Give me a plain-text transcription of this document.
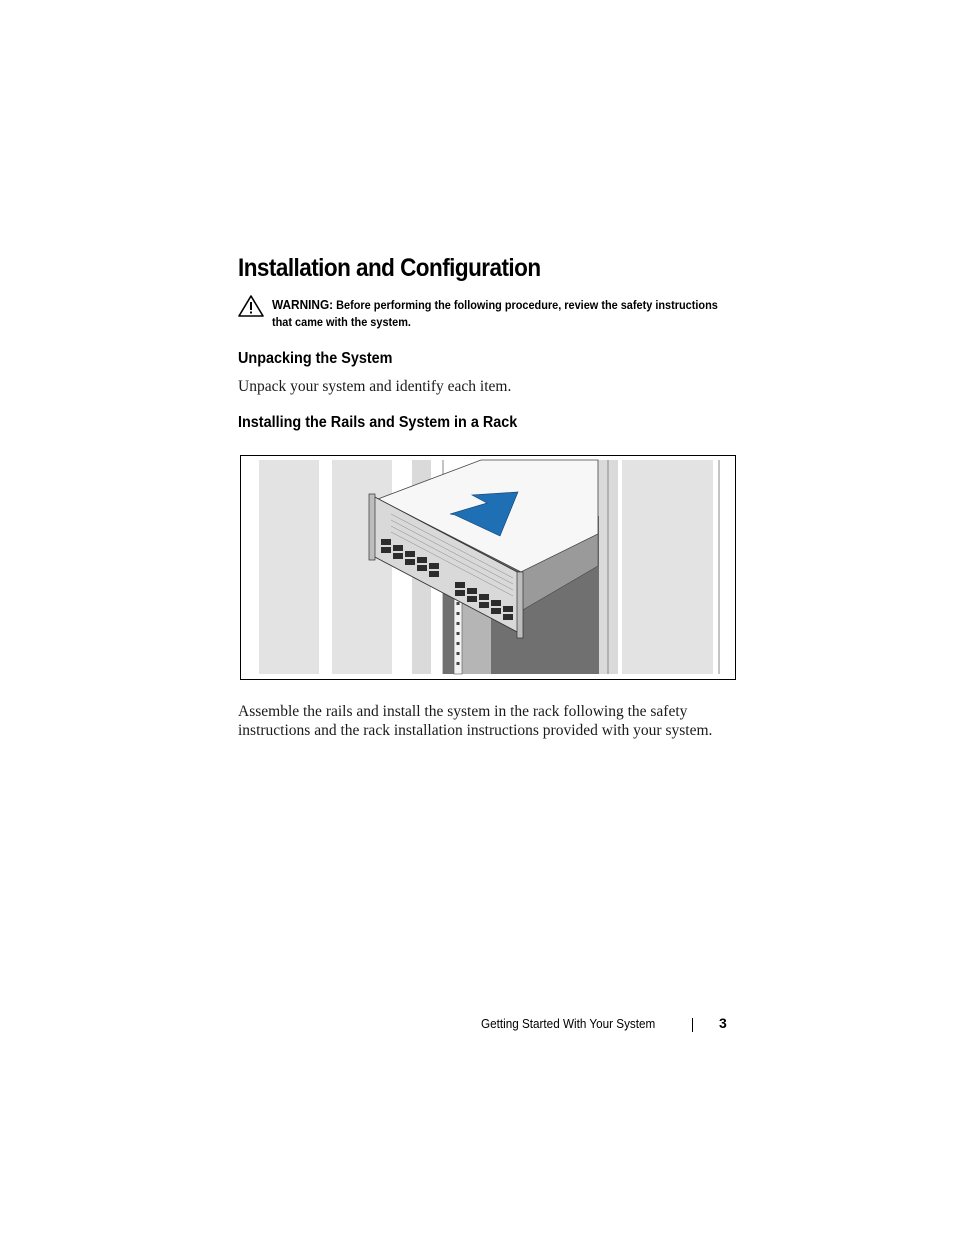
Installation and Configuration
WARNING: Before performing the following procedure, review the safety instructions that came with the system.
Unpacking the System
Unpack your system and identify each item.
Installing the Rails and System in a Rack
Assemble the rails and install the system in the rack following the safety instructions and the rack installation instructions provided with your system.
Getting Started With Your System	3
